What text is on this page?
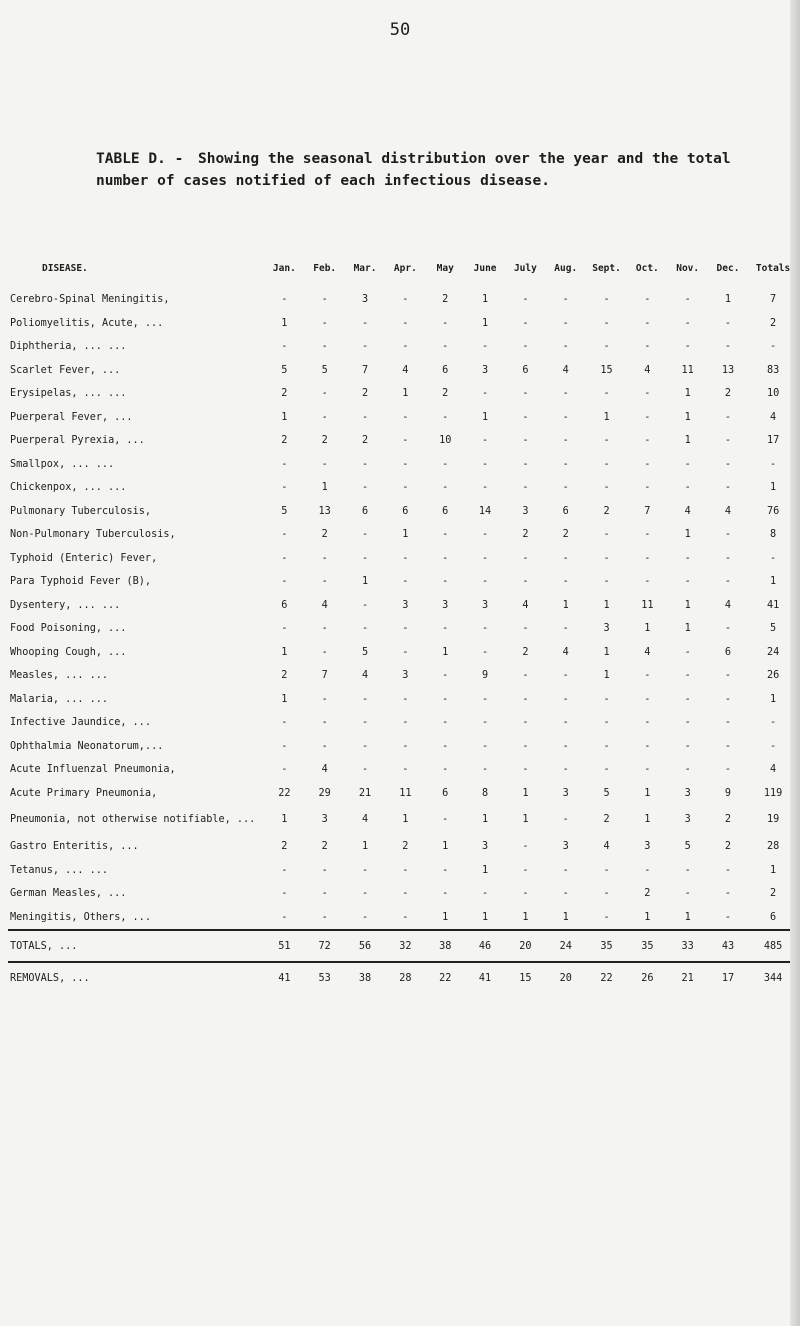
50
TABLE D. - Showing the seasonal distribution over the year and the total number of cases notified of each infectious disease.
DISEASE.	Jan.	Feb.	Mar.	Apr.	May	June	July	Aug.	Sept.	Oct.	Nov.	Dec.	Totals

Cerebro-Spinal Meningitis,	-	-	3	-	2	1	-	-	-	-	-	1	7
Poliomyelitis, Acute, ...	1	-	-	-	-	1	-	-	-	-	-	-	2
Diphtheria, ... ...	-	-	-	-	-	-	-	-	-	-	-	-	-
Scarlet Fever, ...	5	5	7	4	6	3	6	4	15	4	11	13	83
Erysipelas, ... ...	2	-	2	1	2	-	-	-	-	-	1	2	10
Puerperal Fever, ...	1	-	-	-	-	1	-	-	1	-	1	-	4
Puerperal Pyrexia, ...	2	2	2	-	10	-	-	-	-	-	1	-	17
Smallpox, ... ...	-	-	-	-	-	-	-	-	-	-	-	-	-
Chickenpox, ... ...	-	1	-	-	-	-	-	-	-	-	-	-	1
Pulmonary Tuberculosis,	5	13	6	6	6	14	3	6	2	7	4	4	76
Non-Pulmonary Tuberculosis,	-	2	-	1	-	-	2	2	-	-	1	-	8
Typhoid (Enteric) Fever,	-	-	-	-	-	-	-	-	-	-	-	-	-
Para Typhoid Fever (B),	-	-	1	-	-	-	-	-	-	-	-	-	1
Dysentery, ... ...	6	4	-	3	3	3	4	1	1	11	1	4	41
Food Poisoning, ...	-	-	-	-	-	-	-	-	3	1	1	-	5
Whooping Cough, ...	1	-	5	-	1	-	2	4	1	4	-	6	24
Measles, ... ...	2	7	4	3	-	9	-	-	1	-	-	-	26
Malaria, ... ...	1	-	-	-	-	-	-	-	-	-	-	-	1
Infective Jaundice, ...	-	-	-	-	-	-	-	-	-	-	-	-	-
Ophthalmia Neonatorum,...	-	-	-	-	-	-	-	-	-	-	-	-	-
Acute Influenzal Pneumonia,	-	4	-	-	-	-	-	-	-	-	-	-	4
Acute Primary Pneumonia,	22	29	21	11	6	8	1	3	5	1	3	9	119
Pneumonia, not otherwise notifiable, ...	1	3	4	1	-	1	1	-	2	1	3	2	19
Gastro Enteritis, ...	2	2	1	2	1	3	-	3	4	3	5	2	28
Tetanus, ... ...	-	-	-	-	-	1	-	-	-	-	-	-	1
German Measles, ...	-	-	-	-	-	-	-	-	-	2	-	-	2
Meningitis, Others, ...	-	-	-	-	1	1	1	1	-	1	1	-	6
TOTALS, ...	51	72	56	32	38	46	20	24	35	35	33	43	485
REMOVALS, ...	41	53	38	28	22	41	15	20	22	26	21	17	344
